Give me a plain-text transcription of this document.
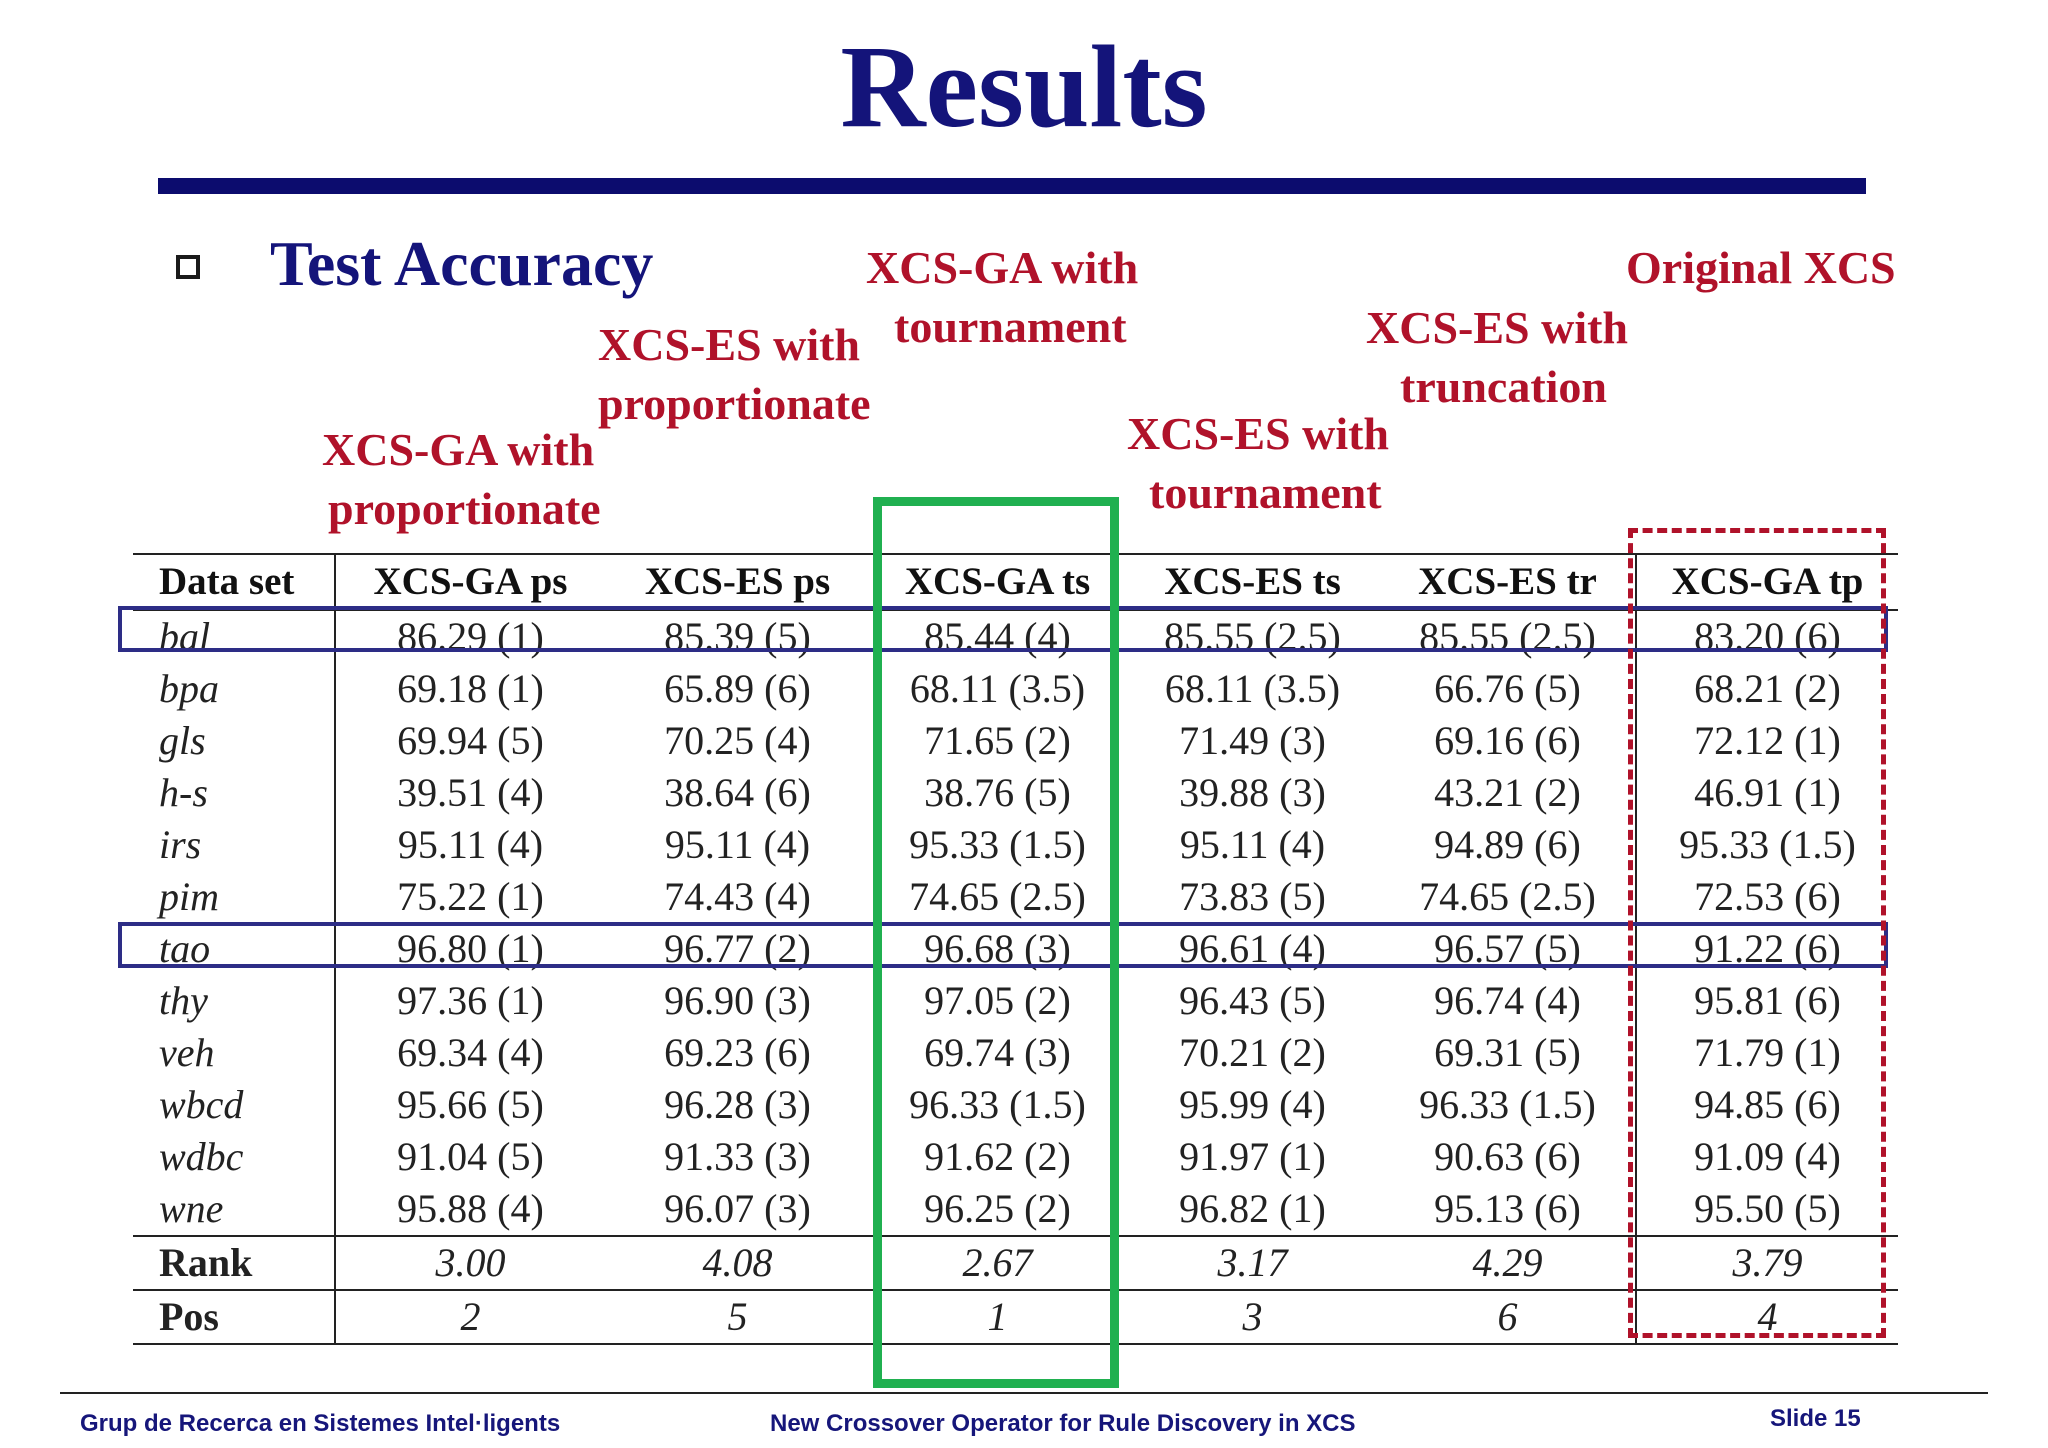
Results
Test Accuracy
XCS-GA with
proportionate
XCS-ES with
proportionate
XCS-GA with
tournament
XCS-ES with
tournament
XCS-ES with
truncation
Original XCS
Data set	XCS-GA ps	XCS-ES ps	XCS-GA ts	XCS-ES ts	XCS-ES tr	XCS-GA tp
bal	86.29 (1)	85.39 (5)	85.44 (4)	85.55 (2.5)	85.55 (2.5)	83.20 (6)
bpa	69.18 (1)	65.89 (6)	68.11 (3.5)	68.11 (3.5)	66.76 (5)	68.21 (2)
gls	69.94 (5)	70.25 (4)	71.65 (2)	71.49 (3)	69.16 (6)	72.12 (1)
h-s	39.51 (4)	38.64 (6)	38.76 (5)	39.88 (3)	43.21 (2)	46.91 (1)
irs	95.11 (4)	95.11 (4)	95.33 (1.5)	95.11 (4)	94.89 (6)	95.33 (1.5)
pim	75.22 (1)	74.43 (4)	74.65 (2.5)	73.83 (5)	74.65 (2.5)	72.53 (6)
tao	96.80 (1)	96.77 (2)	96.68 (3)	96.61 (4)	96.57 (5)	91.22 (6)
thy	97.36 (1)	96.90 (3)	97.05 (2)	96.43 (5)	96.74 (4)	95.81 (6)
veh	69.34 (4)	69.23 (6)	69.74 (3)	70.21 (2)	69.31 (5)	71.79 (1)
wbcd	95.66 (5)	96.28 (3)	96.33 (1.5)	95.99 (4)	96.33 (1.5)	94.85 (6)
wdbc	91.04 (5)	91.33 (3)	91.62 (2)	91.97 (1)	90.63 (6)	91.09 (4)
wne	95.88 (4)	96.07 (3)	96.25 (2)	96.82 (1)	95.13 (6)	95.50 (5)
Rank	3.00	4.08	2.67	3.17	4.29	3.79
Pos	2	5	1	3	6	4
Grup de Recerca en Sistemes Intel·ligents	New Crossover Operator for Rule Discovery in XCS	Slide 15
